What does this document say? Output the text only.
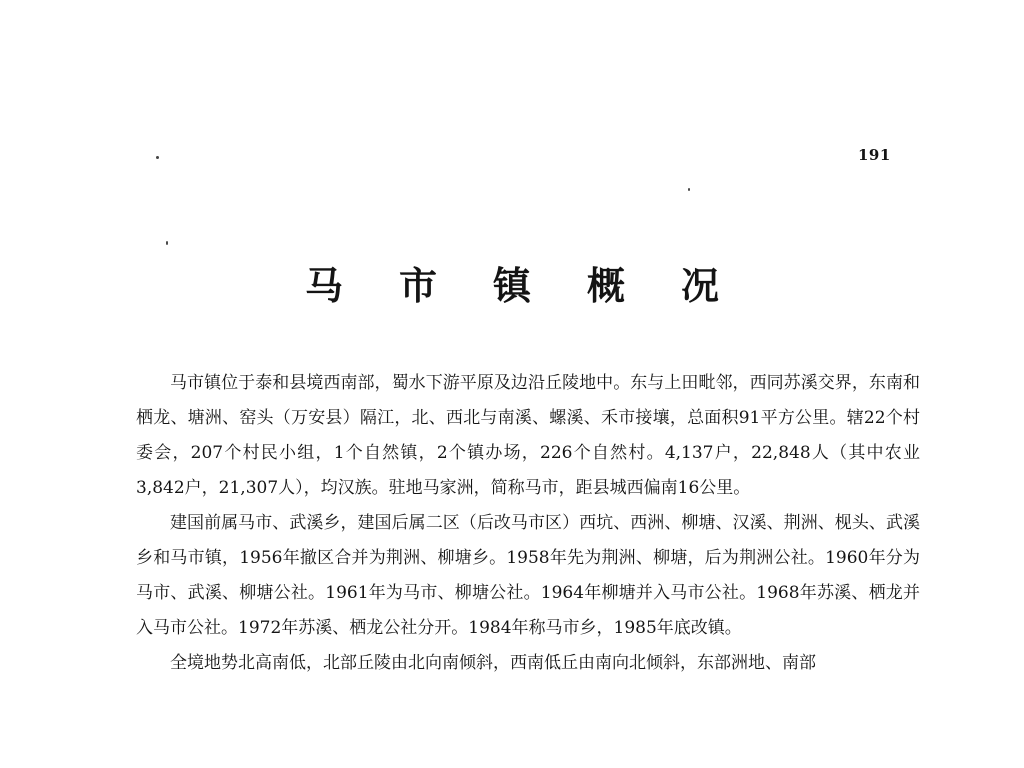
191
马 市 镇 概 况

马市镇位于泰和县境西南部，蜀水下游平原及边沿丘陵地中。东与上田毗邻，西同苏溪交界，东南和栖龙、塘洲、窑头（万安县）隔江，北、西北与南溪、螺溪、禾市接壤，总面积91平方公里。辖22个村委会，207个村民小组，1个自然镇，2个镇办场，226个自然村。4,137户，22,848人（其中农业3,842户，21,307人），均汉族。驻地马家洲，简称马市，距县城西偏南16公里。

建国前属马市、武溪乡，建国后属二区（后改马市区）西坑、西洲、柳塘、汉溪、荆洲、枧头、武溪乡和马市镇，1956年撤区合并为荆洲、柳塘乡。1958年先为荆洲、柳塘，后为荆洲公社。1960年分为马市、武溪、柳塘公社。1961年为马市、柳塘公社。1964年柳塘并入马市公社。1968年苏溪、栖龙并入马市公社。1972年苏溪、栖龙公社分开。1984年称马市乡，1985年底改镇。

全境地势北高南低，北部丘陵由北向南倾斜，西南低丘由南向北倾斜，东部洲地、南部
